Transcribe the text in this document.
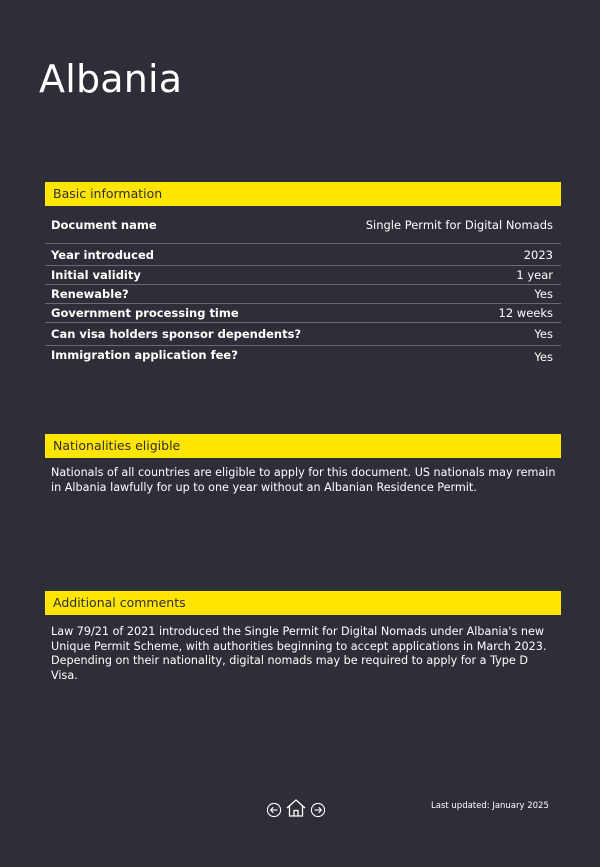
Albania
Basic information
Document name	Single Permit for Digital Nomads
Year introduced	2023
Initial validity	1 year
Renewable?	Yes
Government processing time	12 weeks
Can visa holders sponsor dependents?	Yes
Immigration application fee?	Yes
Nationalities eligible

Nationals of all countries are eligible to apply for this document. US nationals may remain in Albania lawfully for up to one year without an Albanian Residence Permit.

Additional comments

Law 79/21 of 2021 introduced the Single Permit for Digital Nomads under Albania's new Unique Permit Scheme, with authorities beginning to accept applications in March 2023. Depending on their nationality, digital nomads may be required to apply for a Type D Visa.

Last updated: January 2025
